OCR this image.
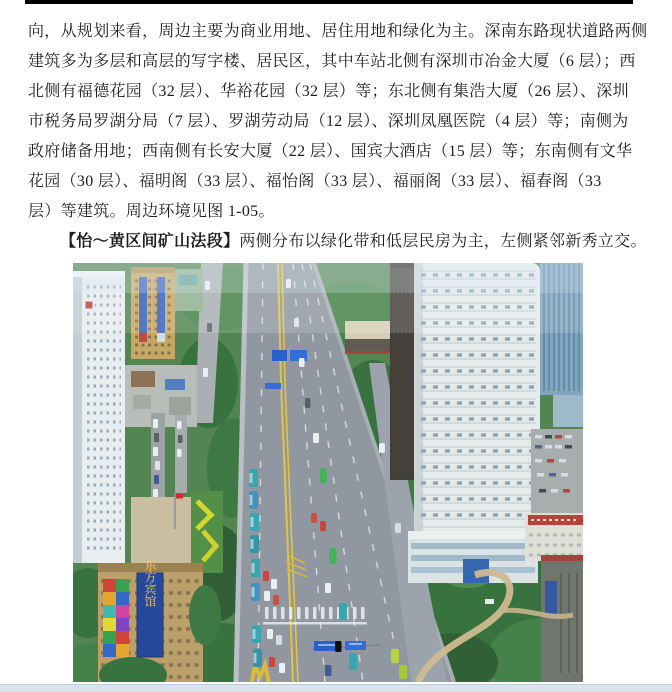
向，从规划来看，周边主要为商业用地、居住用地和绿化为主。深南东路现状道路两侧
建筑多为多层和高层的写字楼、居民区，其中车站北侧有深圳市冶金大厦（6 层）；西
北侧有福德花园（32 层）、华裕花园（32 层）等；东北侧有集浩大厦（26 层）、深圳
市税务局罗湖分局（7 层）、罗湖劳动局（12 层）、深圳凤凰医院（4 层）等；南侧为
政府储备用地；西南侧有长安大厦（22 层）、国宾大酒店（15 层）等；东南侧有文华
花园（30 层）、福明阁（33 层）、福怡阁（33 层）、福丽阁（33 层）、福春阁（33
层）等建筑。周边环境见图 1-05。
【怡～黄区间矿山法段】两侧分布以绿化带和低层民房为主，左侧紧邻新秀立交。
东方宾馆
